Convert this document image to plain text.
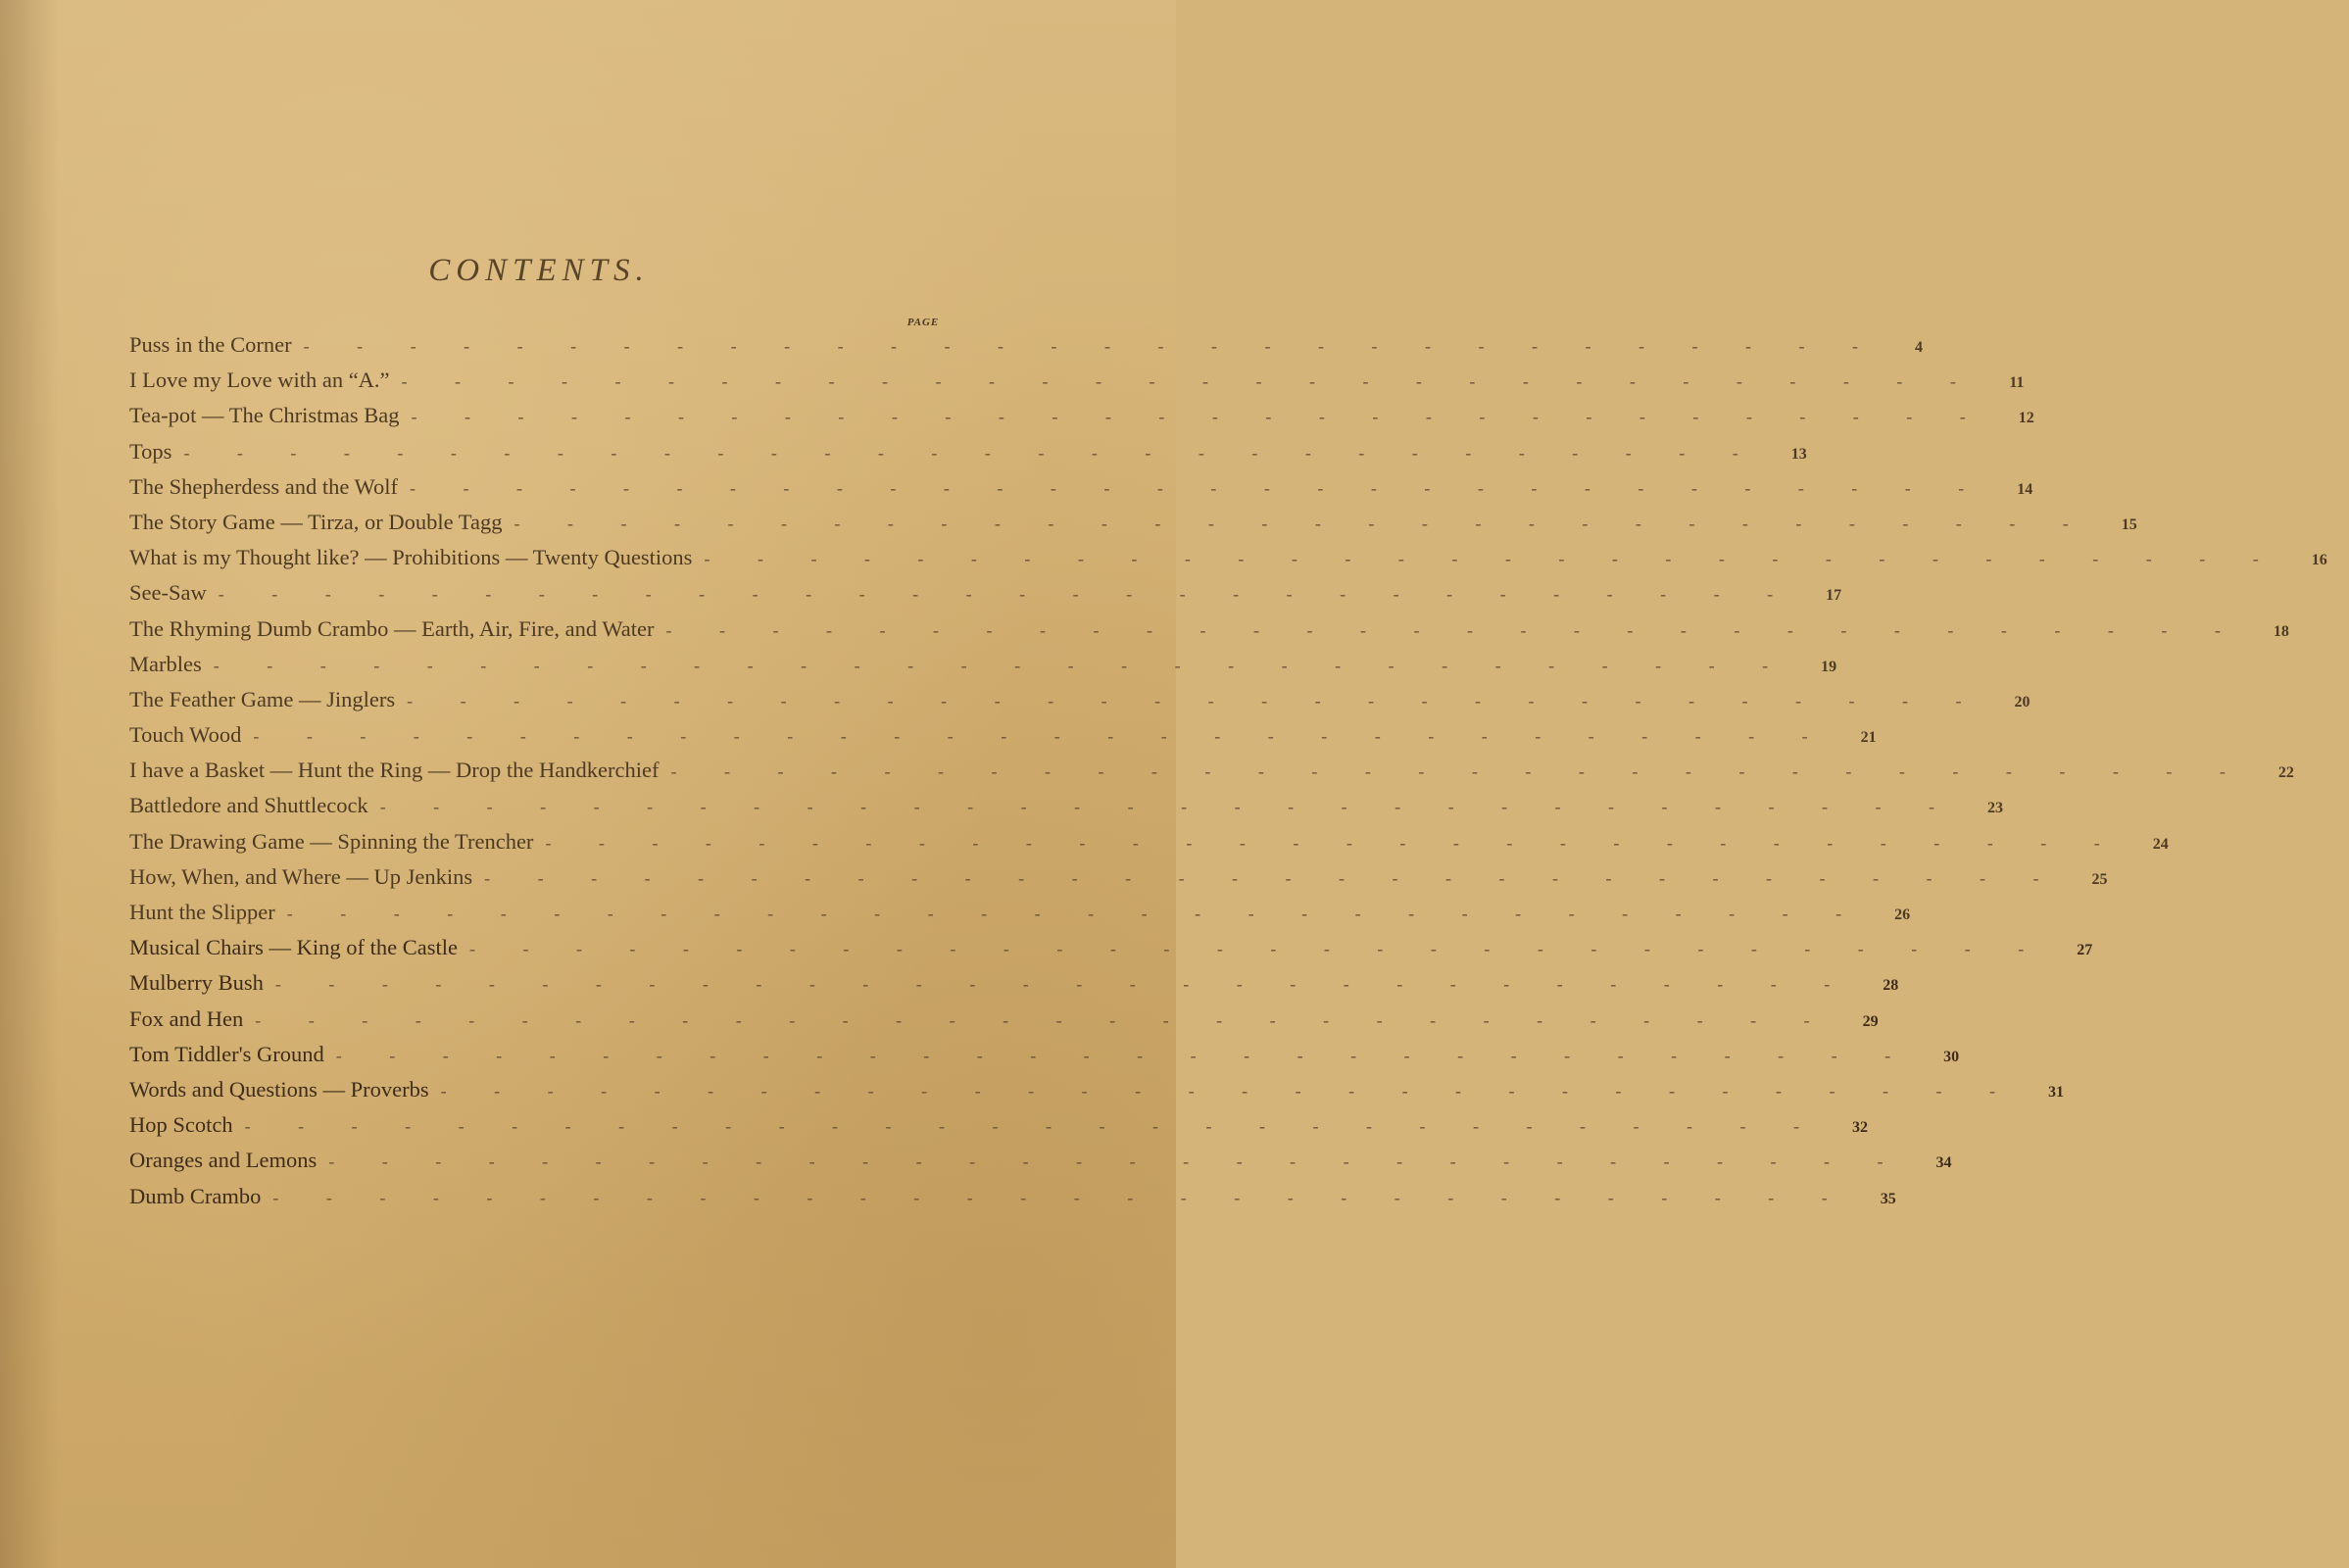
CONTENTS.
PAGE
Puss in the Corner - - - - - - - - - - - - - - - - - - - - - - - - - - - - - -	4
I Love my Love with an “A.” - - - - - - - - - - - - - - - - - - - - - - - - - - - - - -	11
Tea-pot — The Christmas Bag - - - - - - - - - - - - - - - - - - - - - - - - - - - - - -	12
Tops - - - - - - - - - - - - - - - - - - - - - - - - - - - - - -	13
The Shepherdess and the Wolf - - - - - - - - - - - - - - - - - - - - - - - - - - - - - -	14
The Story Game — Tirza, or Double Tagg - - - - - - - - - - - - - - - - - - - - - - - - - - - - - -	15
What is my Thought like? — Prohibitions — Twenty Questions - - - - - - - - - - - - - - - - - - - - - - - - - - - - - -	16
See-Saw - - - - - - - - - - - - - - - - - - - - - - - - - - - - - -	17
The Rhyming Dumb Crambo — Earth, Air, Fire, and Water - - - - - - - - - - - - - - - - - - - - - - - - - - - - - -	18
Marbles - - - - - - - - - - - - - - - - - - - - - - - - - - - - - -	19
The Feather Game — Jinglers - - - - - - - - - - - - - - - - - - - - - - - - - - - - - -	20
Touch Wood - - - - - - - - - - - - - - - - - - - - - - - - - - - - - -	21
I have a Basket — Hunt the Ring — Drop the Handkerchief - - - - - - - - - - - - - - - - - - - - - - - - - - - - - -	22
Battledore and Shuttlecock - - - - - - - - - - - - - - - - - - - - - - - - - - - - - -	23
The Drawing Game — Spinning the Trencher - - - - - - - - - - - - - - - - - - - - - - - - - - - - - -	24
How, When, and Where — Up Jenkins - - - - - - - - - - - - - - - - - - - - - - - - - - - - - -	25
Hunt the Slipper - - - - - - - - - - - - - - - - - - - - - - - - - - - - - -	26
Musical Chairs — King of the Castle - - - - - - - - - - - - - - - - - - - - - - - - - - - - - -	27
Mulberry Bush - - - - - - - - - - - - - - - - - - - - - - - - - - - - - -	28
Fox and Hen - - - - - - - - - - - - - - - - - - - - - - - - - - - - - -	29
Tom Tiddler's Ground - - - - - - - - - - - - - - - - - - - - - - - - - - - - - -	30
Words and Questions — Proverbs - - - - - - - - - - - - - - - - - - - - - - - - - - - - - -	31
Hop Scotch - - - - - - - - - - - - - - - - - - - - - - - - - - - - - -	32
Oranges and Lemons - - - - - - - - - - - - - - - - - - - - - - - - - - - - - -	34
Dumb Crambo - - - - - - - - - - - - - - - - - - - - - - - - - - - - - -	35
